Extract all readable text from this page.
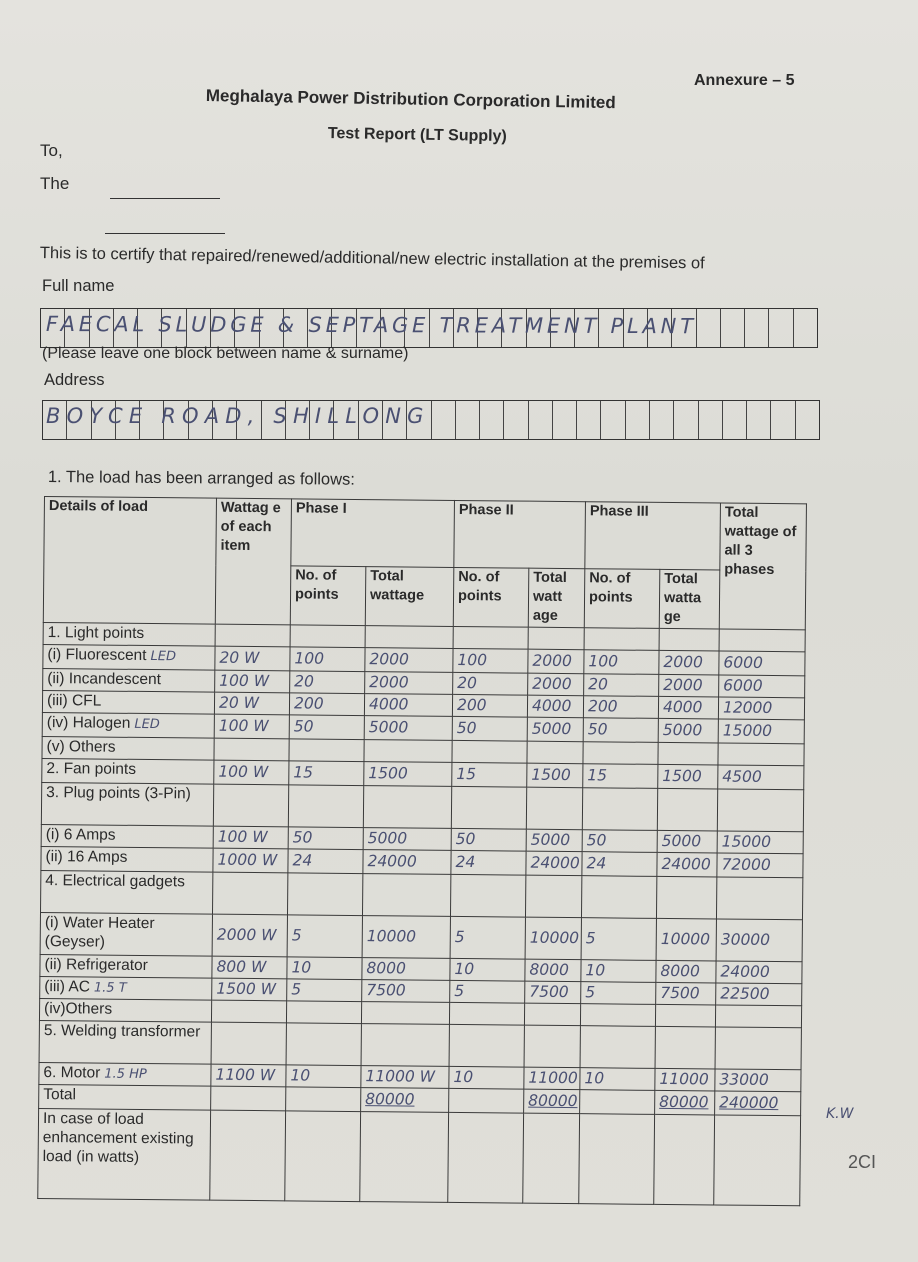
Annexure – 5
Meghalaya Power Distribution Corporation Limited
Test Report (LT Supply)
To,
The
This is to certify that repaired/renewed/additional/new electric installation at the premises of
Full name
FAECAL SLUDGE & SEPTAGE TREATMENT PLANT
(Please leave one block between name & surname)
Address
BOYCE ROAD, SHILLONG
1. The load has been arranged as follows:
Details of load	Wattag e of each item	Phase I		Phase II		Phase III		Total wattage of all 3 phases
		No. of points	Total wattage	No. of points	Total watt age	No. of points	Total watta ge	
1. Light points								
(i) Fluorescent LED	20 W	100	2000	100	2000	100	2000	6000
(ii) Incandescent	100 W	20	2000	20	2000	20	2000	6000
(iii) CFL	20 W	200	4000	200	4000	200	4000	12000
(iv) Halogen LED	100 W	50	5000	50	5000	50	5000	15000
(v) Others								
2. Fan points	100 W	15	1500	15	1500	15	1500	4500
3. Plug points (3-Pin)								
(i) 6 Amps	100 W	50	5000	50	5000	50	5000	15000
(ii) 16 Amps	1000 W	24	24000	24	24000	24	24000	72000
4. Electrical gadgets								
(i) Water Heater (Geyser)	2000 W	5	10000	5	10000	5	10000	30000
(ii) Refrigerator	800 W	10	8000	10	8000	10	8000	24000
(iii) AC 1.5 T	1500 W	5	7500	5	7500	5	7500	22500
(iv)Others								
5. Welding transformer								
6. Motor 1.5 HP	1100 W	10	11000 W	10	11000	10	11000	33000
Total			80000		80000		80000	240000
In case of load enhancement existing load (in watts)								
K.W
2CI
